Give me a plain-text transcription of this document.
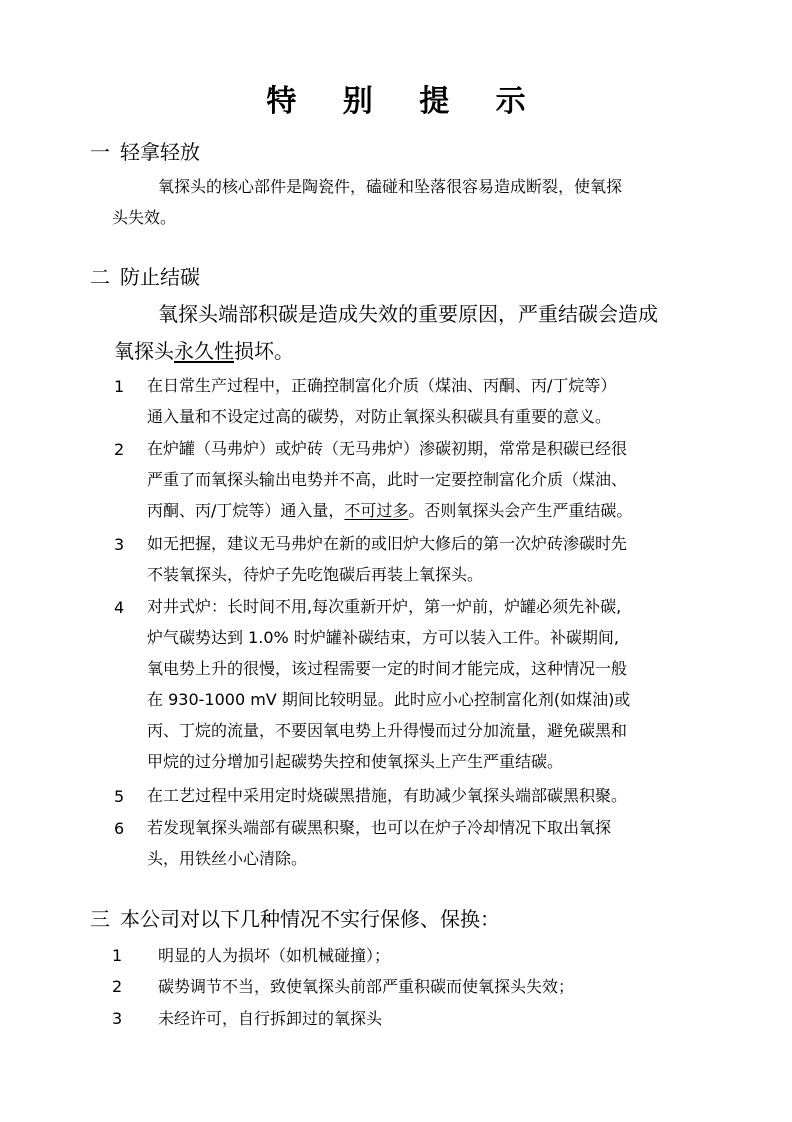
特 别 提 示
一 轻拿轻放
氧探头的核心部件是陶瓷件，磕碰和坠落很容易造成断裂，使氧探
头失效。
二 防止结碳
氧探头端部积碳是造成失效的重要原因，严重结碳会造成
氧探头永久性损坏。
1 在日常生产过程中，正确控制富化介质（煤油、丙酮、丙/丁烷等）
通入量和不设定过高的碳势，对防止氧探头积碳具有重要的意义。
2 在炉罐（马弗炉）或炉砖（无马弗炉）渗碳初期，常常是积碳已经很
严重了而氧探头输出电势并不高，此时一定要控制富化介质（煤油、
丙酮、丙/丁烷等）通入量，不可过多。否则氧探头会产生严重结碳。
3 如无把握，建议无马弗炉在新的或旧炉大修后的第一次炉砖渗碳时先
不装氧探头，待炉子先吃饱碳后再装上氧探头。
4 对井式炉：长时间不用,每次重新开炉，第一炉前，炉罐必须先补碳,
炉气碳势达到 1.0% 时炉罐补碳结束，方可以装入工件。补碳期间,
氧电势上升的很慢，该过程需要一定的时间才能完成，这种情况一般
在 930-1000 mV 期间比较明显。此时应小心控制富化剂(如煤油)或
丙、丁烷的流量，不要因氧电势上升得慢而过分加流量，避免碳黑和
甲烷的过分增加引起碳势失控和使氧探头上产生严重结碳。
5 在工艺过程中采用定时烧碳黑措施，有助减少氧探头端部碳黑积聚。
6 若发现氧探头端部有碳黑积聚，也可以在炉子冷却情况下取出氧探
头，用铁丝小心清除。
三 本公司对以下几种情况不实行保修、保换：
1 明显的人为损坏（如机械碰撞）；
2 碳势调节不当，致使氧探头前部严重积碳而使氧探头失效；
3 未经许可，自行拆卸过的氧探头
